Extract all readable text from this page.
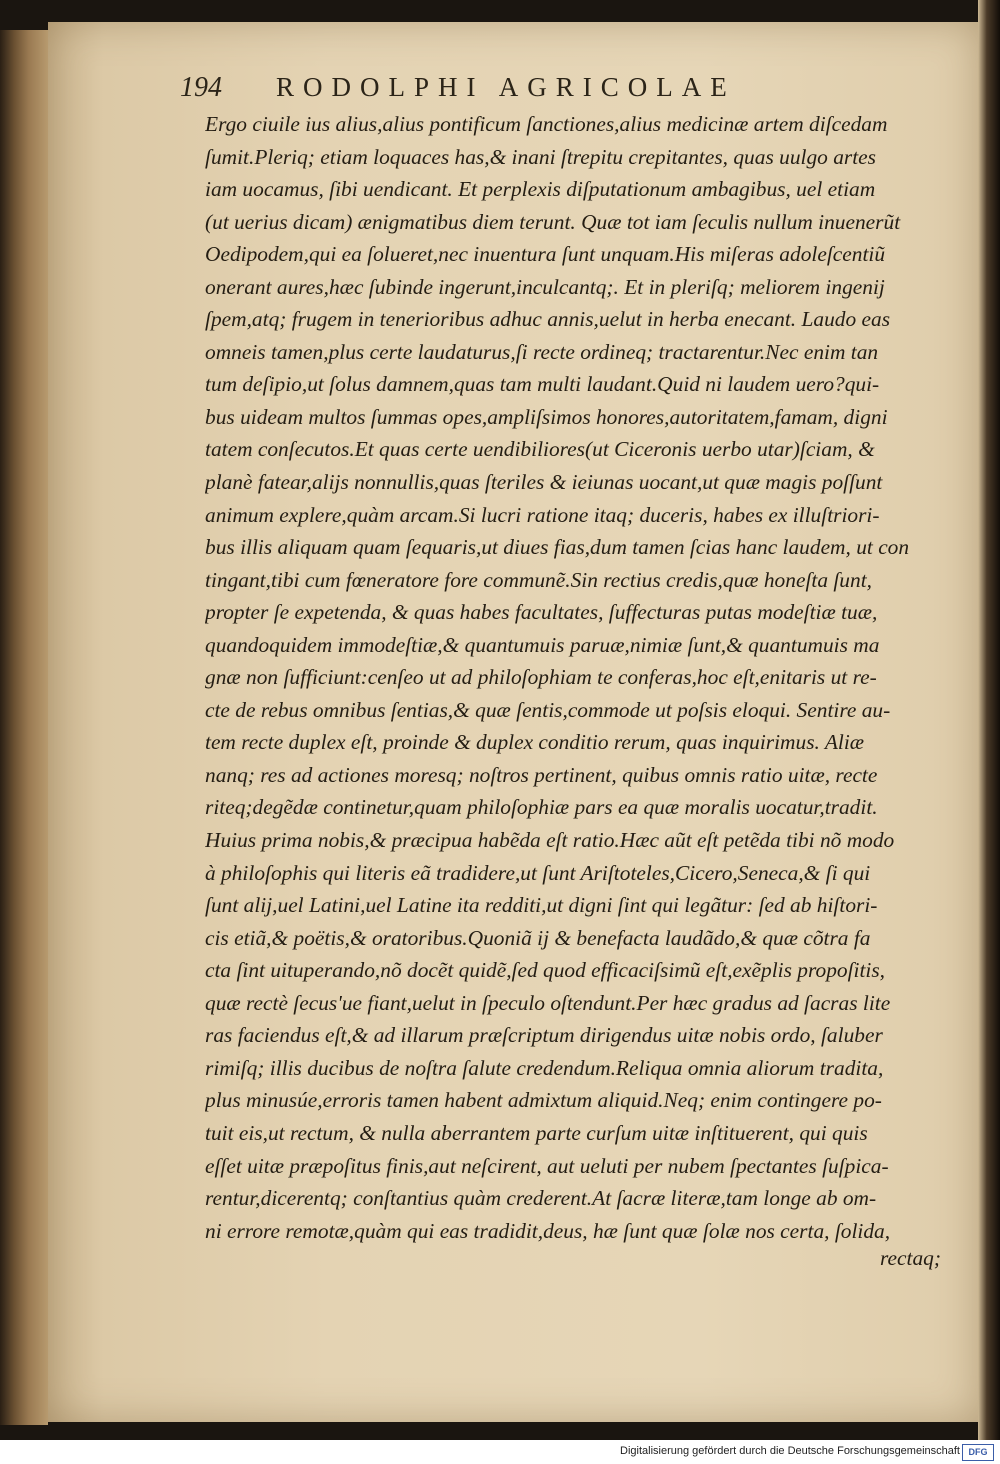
194 RODOLPHI AGRICOLAE
Ergo ciuile ius alius,alius pontificum ſanctiones,alius medicinæ artem diſcedam
ſumit.Pleriq; etiam loquaces has,& inani ſtrepitu crepitantes, quas uulgo artes
iam uocamus, ſibi uendicant. Et perplexis diſputationum ambagibus, uel etiam
(ut uerius dicam) ænigmatibus diem terunt. Quæ tot iam ſeculis nullum inuenerũt
Oedipodem,qui ea ſolueret,nec inuentura ſunt unquam.His miſeras adoleſcentiũ
onerant aures,hæc ſubinde ingerunt,inculcantq;. Et in pleriſq; meliorem ingenij
ſpem,atq; frugem in tenerioribus adhuc annis,uelut in herba enecant. Laudo eas
omneis tamen,plus certe laudaturus,ſi recte ordineq; tractarentur.Nec enim tan
tum deſipio,ut ſolus damnem,quas tam multi laudant.Quid ni laudem uero?qui-
bus uideam multos ſummas opes,ampliſsimos honores,autoritatem,famam, digni
tatem conſecutos.Et quas certe uendibiliores(ut Ciceronis uerbo utar)ſciam, &
planè fatear,alijs nonnullis,quas ſteriles & ieiunas uocant,ut quæ magis poſſunt
animum explere,quàm arcam.Si lucri ratione itaq; duceris, habes ex illuſtriori-
bus illis aliquam quam ſequaris,ut diues fias,dum tamen ſcias hanc laudem, ut con
tingant,tibi cum fœneratore fore communẽ.Sin rectius credis,quæ honeſta ſunt,
propter ſe expetenda, & quas habes facultates, ſuffecturas putas modeſtiæ tuæ,
quandoquidem immodeſtiæ,& quantumuis paruæ,nimiæ ſunt,& quantumuis ma
gnæ non ſufficiunt:cenſeo ut ad philoſophiam te conferas,hoc eſt,enitaris ut re-
cte de rebus omnibus ſentias,& quæ ſentis,commode ut poſsis eloqui. Sentire au-
tem recte duplex eſt, proinde & duplex conditio rerum, quas inquirimus. Aliæ
nanq; res ad actiones moresq; noſtros pertinent, quibus omnis ratio uitæ, recte
riteq;degẽdæ continetur,quam philoſophiæ pars ea quæ moralis uocatur,tradit.
Huius prima nobis,& præcipua habẽda eſt ratio.Hæc aũt eſt petẽda tibi nõ modo
à philoſophis qui literis eã tradidere,ut ſunt Ariſtoteles,Cicero,Seneca,& ſi qui
ſunt alij,uel Latini,uel Latine ita redditi,ut digni ſint qui legãtur: ſed ab hiſtori-
cis etiã,& poëtis,& oratoribus.Quoniã ij & benefacta laudãdo,& quæ cõtra fa
cta ſint uituperando,nõ docẽt quidẽ,ſed quod efficaciſsimũ eſt,exẽplis propoſitis,
quæ rectè ſecus'ue fiant,uelut in ſpeculo oſtendunt.Per hæc gradus ad ſacras lite
ras faciendus eſt,& ad illarum præſcriptum dirigendus uitæ nobis ordo, ſaluber
rimiſq; illis ducibus de noſtra ſalute credendum.Reliqua omnia aliorum tradita,
plus minusúe,erroris tamen habent admixtum aliquid.Neq; enim contingere po-
tuit eis,ut rectum, & nulla aberrantem parte curſum uitæ inſtituerent, qui quis
eſſet uitæ præpoſitus finis,aut neſcirent, aut ueluti per nubem ſpectantes ſuſpica-
rentur,dicerentq; conſtantius quàm crederent.At ſacræ literæ,tam longe ab om-
ni errore remotæ,quàm qui eas tradidit,deus, hæ ſunt quæ ſolæ nos certa, ſolida,
rectaq;
Digitalisierung gefördert durch die Deutsche Forschungsgemeinschaft DFG
